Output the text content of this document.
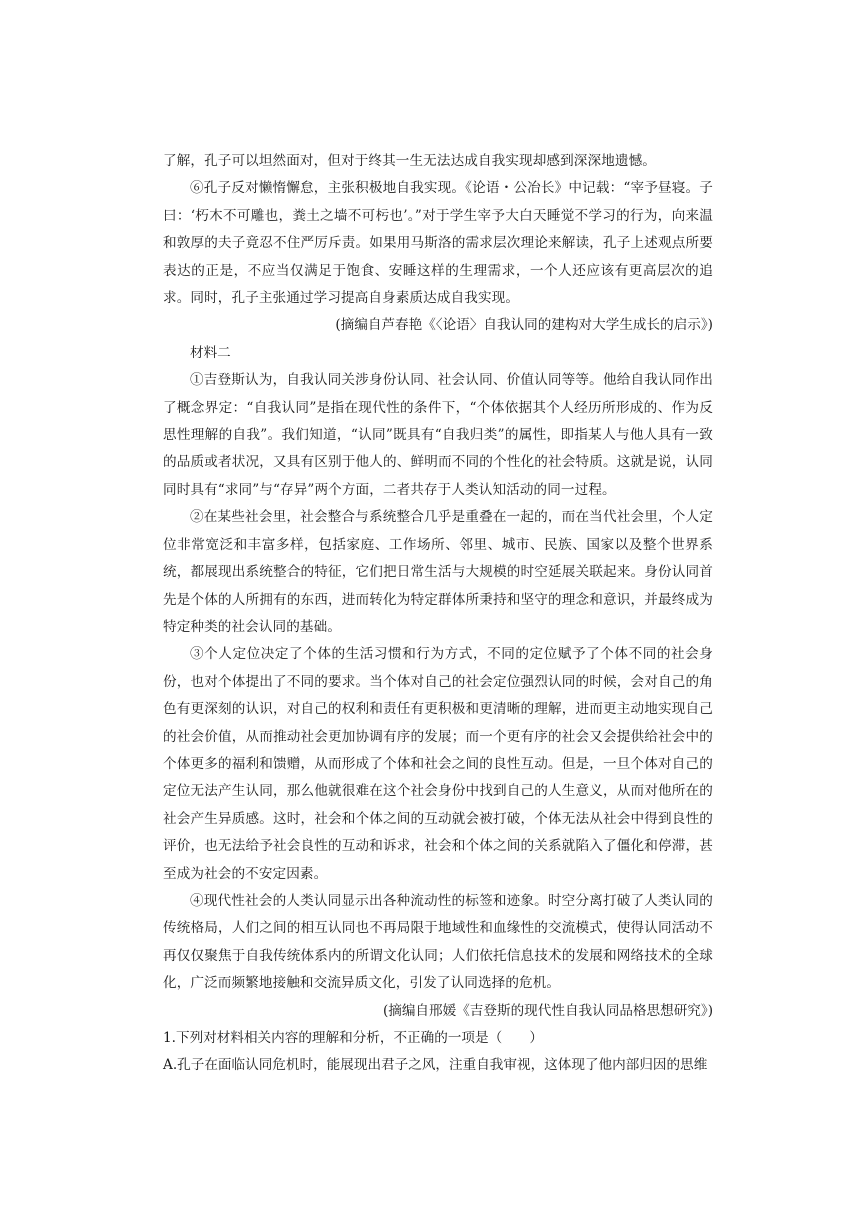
了解，孔子可以坦然面对，但对于终其一生无法达成自我实现却感到深深地遗憾。

⑥孔子反对懒惰懈怠，主张积极地自我实现。《论语・公冶长》中记载：“宰予昼寝。子曰：‘朽木不可雕也，粪土之墙不可杇也’。”对于学生宰予大白天睡觉不学习的行为，向来温和敦厚的夫子竟忍不住严厉斥责。如果用马斯洛的需求层次理论来解读，孔子上述观点所要表达的正是，不应当仅满足于饱食、安睡这样的生理需求，一个人还应该有更高层次的追求。同时，孔子主张通过学习提高自身素质达成自我实现。

(摘编自芦春艳《〈论语〉自我认同的建构对大学生成长的启示》)

材料二

①吉登斯认为，自我认同关涉身份认同、社会认同、价值认同等等。他给自我认同作出了概念界定：“自我认同”是指在现代性的条件下，“个体依据其个人经历所形成的、作为反思性理解的自我”。我们知道，“认同”既具有“自我归类”的属性，即指某人与他人具有一致的品质或者状况，又具有区别于他人的、鲜明而不同的个性化的社会特质。这就是说，认同同时具有“求同”与“存异”两个方面，二者共存于人类认知活动的同一过程。

②在某些社会里，社会整合与系统整合几乎是重叠在一起的，而在当代社会里，个人定位非常宽泛和丰富多样，包括家庭、工作场所、邻里、城市、民族、国家以及整个世界系统，都展现出系统整合的特征，它们把日常生活与大规模的时空延展关联起来。身份认同首先是个体的人所拥有的东西，进而转化为特定群体所秉持和坚守的理念和意识，并最终成为特定种类的社会认同的基础。

③个人定位决定了个体的生活习惯和行为方式，不同的定位赋予了个体不同的社会身份，也对个体提出了不同的要求。当个体对自己的社会定位强烈认同的时候，会对自己的角色有更深刻的认识，对自己的权利和责任有更积极和更清晰的理解，进而更主动地实现自己的社会价值，从而推动社会更加协调有序的发展；而一个更有序的社会又会提供给社会中的个体更多的福利和馈赠，从而形成了个体和社会之间的良性互动。但是，一旦个体对自己的定位无法产生认同，那么他就很难在这个社会身份中找到自己的人生意义，从而对他所在的社会产生异质感。这时，社会和个体之间的互动就会被打破，个体无法从社会中得到良性的评价，也无法给予社会良性的互动和诉求，社会和个体之间的关系就陷入了僵化和停滞，甚至成为社会的不安定因素。

④现代性社会的人类认同显示出各种流动性的标签和迹象。时空分离打破了人类认同的传统格局，人们之间的相互认同也不再局限于地域性和血缘性的交流模式，使得认同活动不再仅仅聚焦于自我传统体系内的所谓文化认同；人们依托信息技术的发展和网络技术的全球化，广泛而频繁地接触和交流异质文化，引发了认同选择的危机。

(摘编自邢媛《吉登斯的现代性自我认同品格思想研究》)

1.下列对材料相关内容的理解和分析，不正确的一项是（　　）

A.孔子在面临认同危机时，能展现出君子之风，注重自我审视，这体现了他内部归因的思维
